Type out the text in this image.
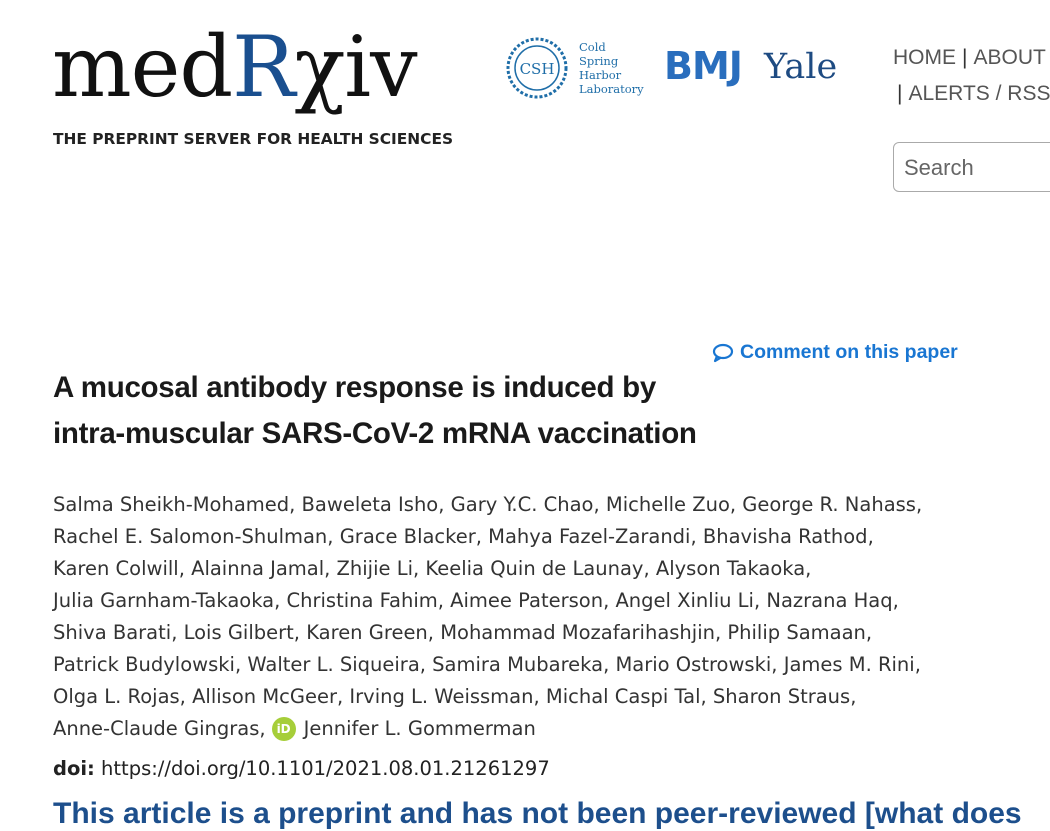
medRχiv
THE PREPRINT SERVER FOR HEALTH SCIENCES
CSH
Cold
Spring
Harbor
Laboratory
BMJ Yale	HOME | ABOUT
| ALERTS / RSS
Search
Comment on this paper
A mucosal antibody response is induced by
intra-muscular SARS-CoV-2 mRNA vaccination
Salma Sheikh-Mohamed, Baweleta Isho, Gary Y.C. Chao, Michelle Zuo, George R. Nahass,
Rachel E. Salomon-Shulman, Grace Blacker, Mahya Fazel-Zarandi, Bhavisha Rathod,
Karen Colwill, Alainna Jamal, Zhijie Li, Keelia Quin de Launay, Alyson Takaoka,
Julia Garnham-Takaoka, Christina Fahim, Aimee Paterson, Angel Xinliu Li, Nazrana Haq,
Shiva Barati, Lois Gilbert, Karen Green, Mohammad Mozafarihashjin, Philip Samaan,
Patrick Budylowski, Walter L. Siqueira, Samira Mubareka, Mario Ostrowski, James M. Rini,
Olga L. Rojas, Allison McGeer, Irving L. Weissman, Michal Caspi Tal, Sharon Straus,
Anne-Claude Gingras, iD Jennifer L. Gommerman
doi: https://doi.org/10.1101/2021.08.01.21261297
This article is a preprint and has not been peer-reviewed [what does
